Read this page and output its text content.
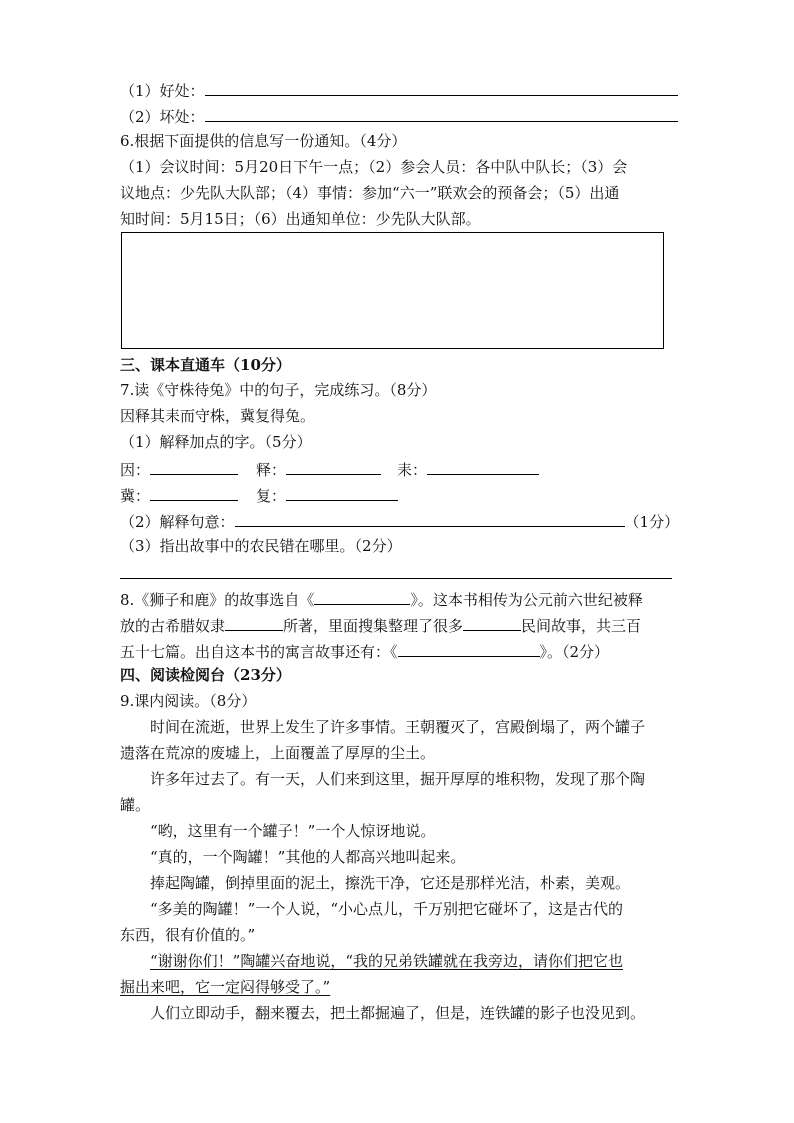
（1）好处：
（2）坏处：
6.根据下面提供的信息写一份通知。（4分）
（1）会议时间：5月20日下午一点；（2）参会人员：各中队中队长；（3）会
议地点：少先队大队部；（4）事情：参加“六一”联欢会的预备会；（5）出通
知时间：5月15日；（6）出通知单位：少先队大队部。
三、课本直通车（10分）
7.读《守株待兔》中的句子，完成练习。（8分）
因释其耒而守株，冀复得兔。
（1）解释加点的字。（5分）
因：	释：	耒：
冀：	复：
（2）解释句意：	（1分）
（3）指出故事中的农民错在哪里。（2分）
8.《狮子和鹿》的故事选自《	》。这本书相传为公元前六世纪被释
放的古希腊奴隶	所著，里面搜集整理了很多	民间故事，共三百
五十七篇。出自这本书的寓言故事还有：《	》。（2分）
四、阅读检阅台（23分）
9.课内阅读。（8分）
时间在流逝，世界上发生了许多事情。王朝覆灭了，宫殿倒塌了，两个罐子
遗落在荒凉的废墟上，上面覆盖了厚厚的尘土。
许多年过去了。有一天，人们来到这里，掘开厚厚的堆积物，发现了那个陶
罐。
“哟，这里有一个罐子！”一个人惊讶地说。
“真的，一个陶罐！”其他的人都高兴地叫起来。
捧起陶罐，倒掉里面的泥土，擦洗干净，它还是那样光洁，朴素，美观。
“多美的陶罐！”一个人说，“小心点儿，千万别把它碰坏了，这是古代的
东西，很有价值的。”
“谢谢你们！”陶罐兴奋地说，“我的兄弟铁罐就在我旁边，请你们把它也
掘出来吧，它一定闷得够受了。”
人们立即动手，翻来覆去，把土都掘遍了，但是，连铁罐的影子也没见到。
